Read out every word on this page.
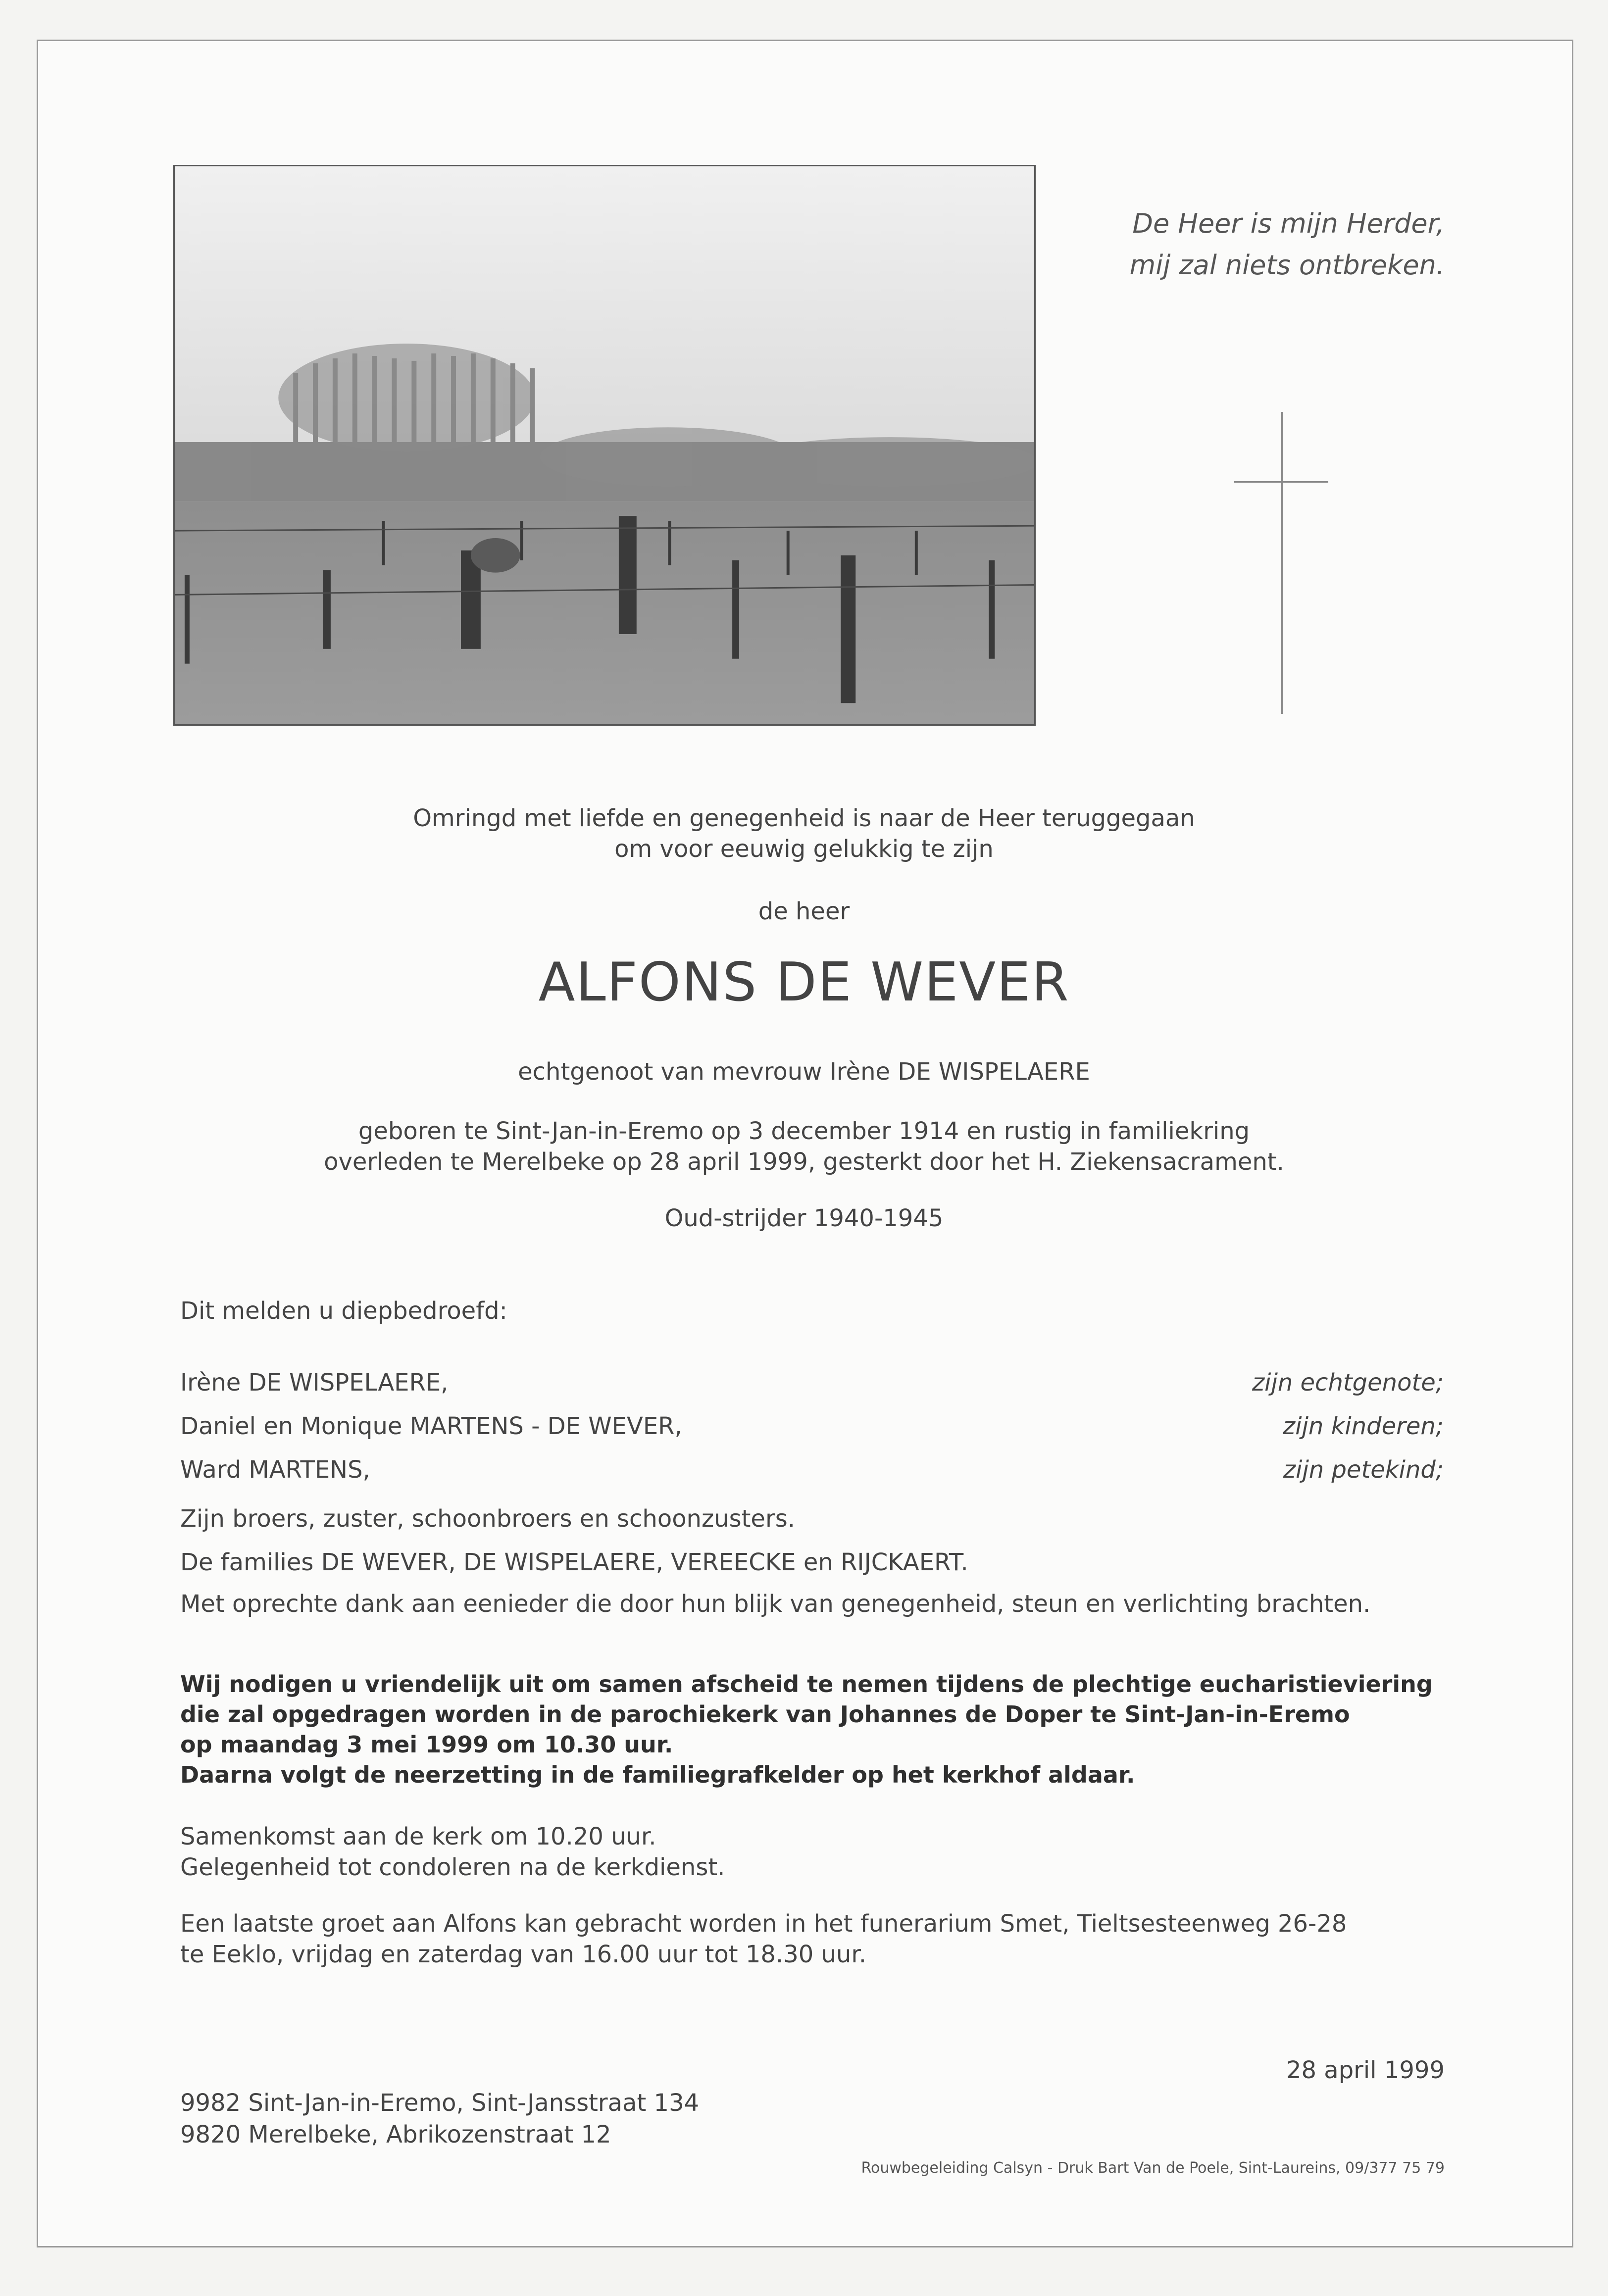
De Heer is mijn Herder,
mij zal niets ontbreken.
Omringd met liefde en genegenheid is naar de Heer teruggegaan
om voor eeuwig gelukkig te zijn
de heer
ALFONS DE WEVER
echtgenoot van mevrouw Irène DE WISPELAERE
geboren te Sint-Jan-in-Eremo op 3 december 1914 en rustig in familiekring
overleden te Merelbeke op 28 april 1999, gesterkt door het H. Ziekensacrament.
Oud-strijder 1940-1945
Dit melden u diepbedroefd:
Irène DE WISPELAERE,	zijn echtgenote;
Daniel en Monique MARTENS - DE WEVER,	zijn kinderen;
Ward MARTENS,	zijn petekind;
Zijn broers, zuster, schoonbroers en schoonzusters.
De families DE WEVER, DE WISPELAERE, VEREECKE en RIJCKAERT.
Met oprechte dank aan eenieder die door hun blijk van genegenheid, steun en verlichting brachten.
Wij nodigen u vriendelijk uit om samen afscheid te nemen tijdens de plechtige eucharistieviering
die zal opgedragen worden in de parochiekerk van Johannes de Doper te Sint-Jan-in-Eremo
op maandag 3 mei 1999 om 10.30 uur.
Daarna volgt de neerzetting in de familiegrafkelder op het kerkhof aldaar.
Samenkomst aan de kerk om 10.20 uur.
Gelegenheid tot condoleren na de kerkdienst.
Een laatste groet aan Alfons kan gebracht worden in het funerarium Smet, Tieltsesteenweg 26-28
te Eeklo, vrijdag en zaterdag van 16.00 uur tot 18.30 uur.
28 april 1999
9982 Sint-Jan-in-Eremo, Sint-Jansstraat 134
9820 Merelbeke, Abrikozenstraat 12
Rouwbegeleiding Calsyn - Druk Bart Van de Poele, Sint-Laureins, 09/377 75 79
